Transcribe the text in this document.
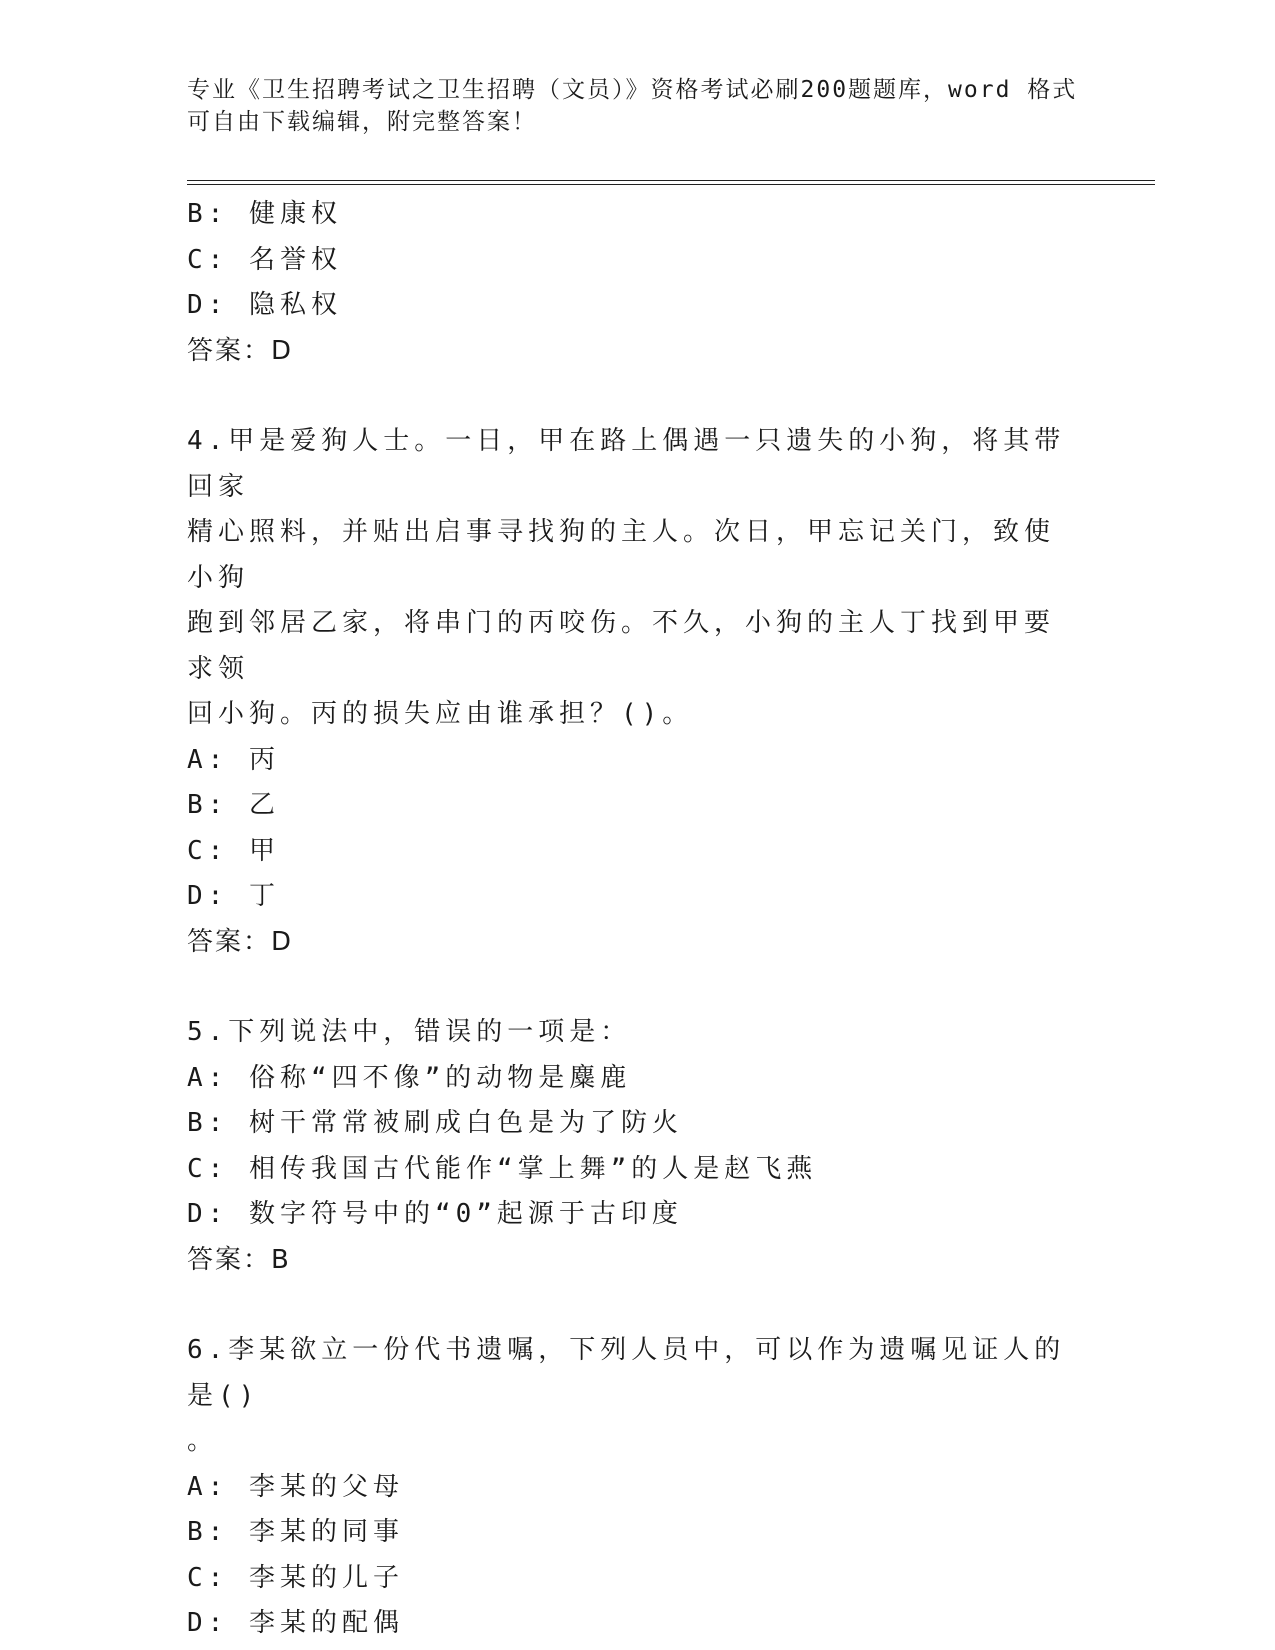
专业《卫生招聘考试之卫生招聘（文员）》资格考试必刷200题题库，word 格式
可自由下载编辑，附完整答案！
B: 健康权
C: 名誉权
D: 隐私权
答案：D
4.甲是爱狗人士。一日，甲在路上偶遇一只遗失的小狗，将其带回家
精心照料，并贴出启事寻找狗的主人。次日，甲忘记关门，致使小狗
跑到邻居乙家，将串门的丙咬伤。不久，小狗的主人丁找到甲要求领
回小狗。丙的损失应由谁承担？()。
A: 丙
B: 乙
C: 甲
D: 丁
答案：D
5.下列说法中，错误的一项是：
A: 俗称“四不像”的动物是麋鹿
B: 树干常常被刷成白色是为了防火
C: 相传我国古代能作“掌上舞”的人是赵飞燕
D: 数字符号中的“0”起源于古印度
答案：B
6.李某欲立一份代书遗嘱，下列人员中，可以作为遗嘱见证人的是()
。
A: 李某的父母
B: 李某的同事
C: 李某的儿子
D: 李某的配偶
